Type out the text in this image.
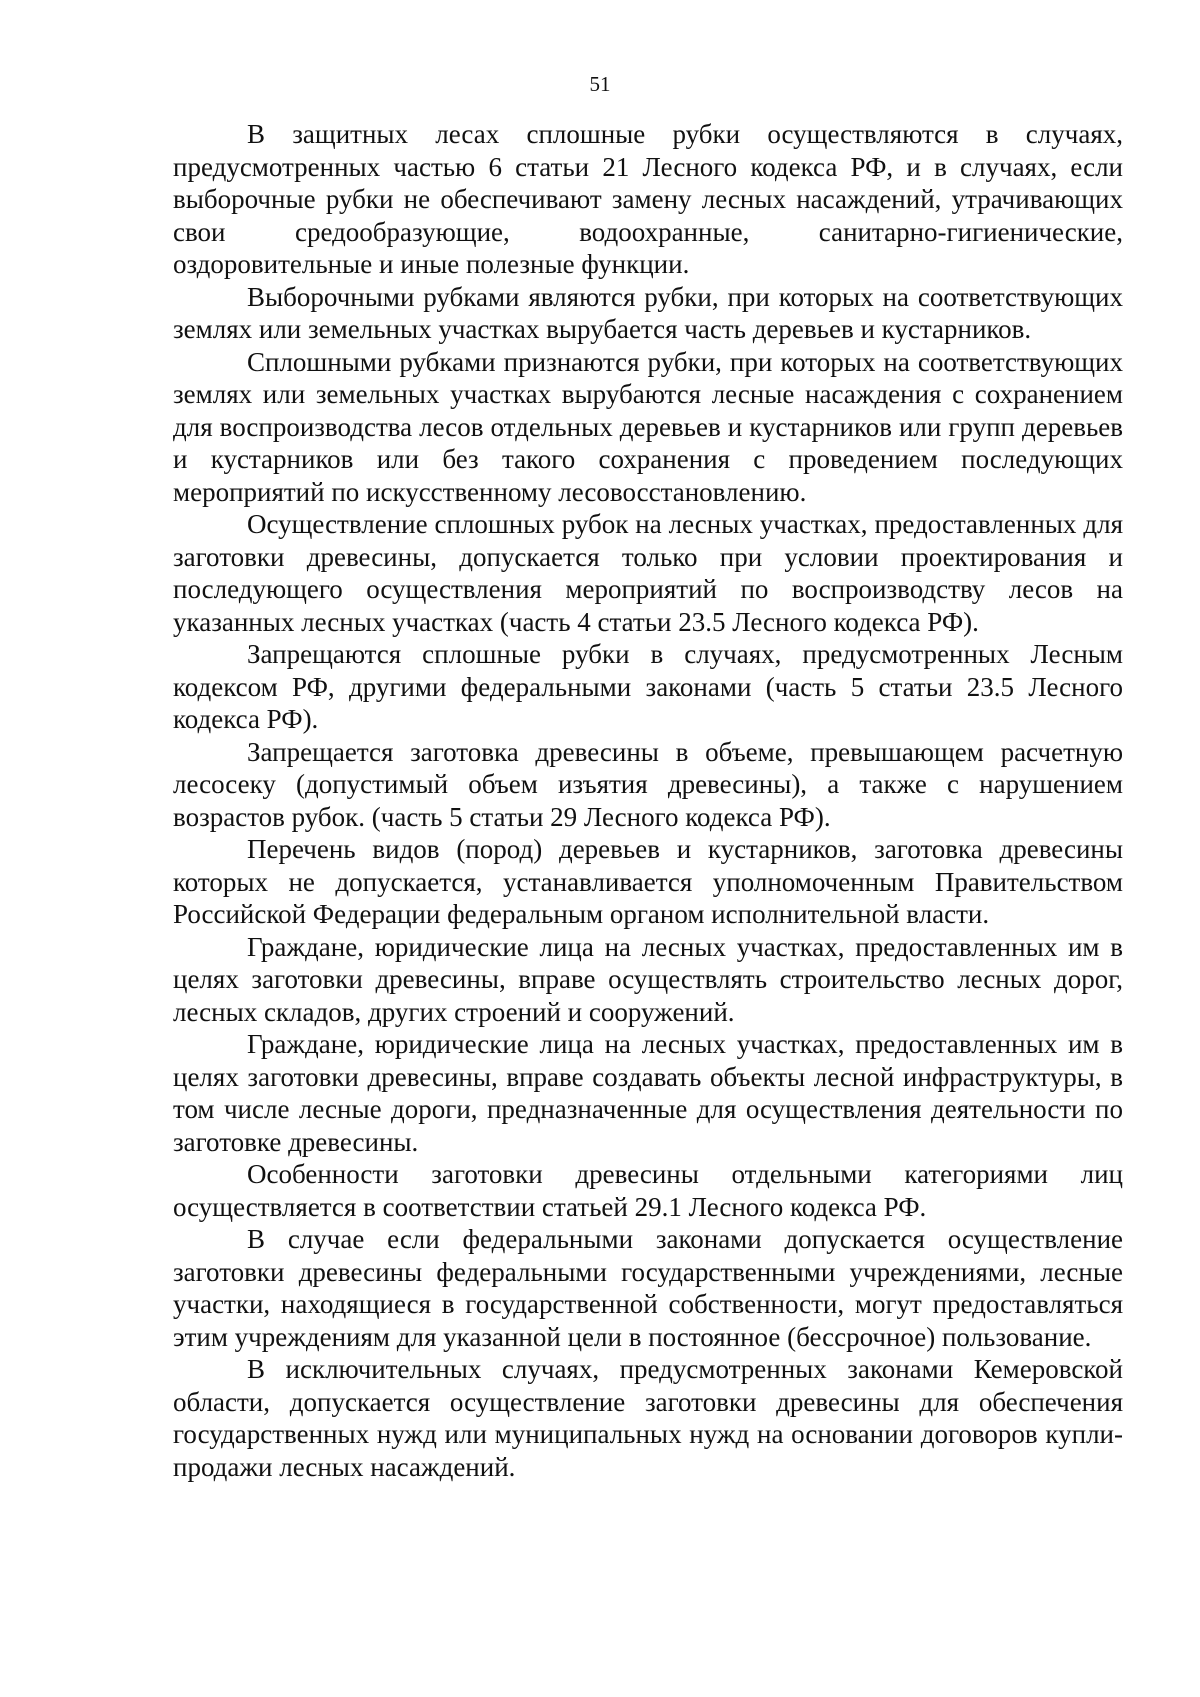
51

В защитных лесах сплошные рубки осуществляются в случаях, предусмотренных частью 6 статьи 21 Лесного кодекса РФ, и в случаях, если выборочные рубки не обеспечивают замену лесных насаждений, утрачивающих свои средообразующие, водоохранные, санитарно-гигиенические, оздоровительные и иные полезные функции.

Выборочными рубками являются рубки, при которых на соответствующих землях или земельных участках вырубается часть деревьев и кустарников.

Сплошными рубками признаются рубки, при которых на соответствующих землях или земельных участках вырубаются лесные насаждения с сохранением для воспроизводства лесов отдельных деревьев и кустарников или групп деревьев и кустарников или без такого сохранения с проведением последующих мероприятий по искусственному лесовосстановлению.

Осуществление сплошных рубок на лесных участках, предоставленных для заготовки древесины, допускается только при условии проектирования и последующего осуществления мероприятий по воспроизводству лесов на указанных лесных участках (часть 4 статьи 23.5 Лесного кодекса РФ).

Запрещаются сплошные рубки в случаях, предусмотренных Лесным кодексом РФ, другими федеральными законами (часть 5 статьи 23.5 Лесного кодекса РФ).

Запрещается заготовка древесины в объеме, превышающем расчетную лесосеку (допустимый объем изъятия древесины), а также с нарушением возрастов рубок. (часть 5 статьи 29 Лесного кодекса РФ).

Перечень видов (пород) деревьев и кустарников, заготовка древесины которых не допускается, устанавливается уполномоченным Правительством Российской Федерации федеральным органом исполнительной власти.

Граждане, юридические лица на лесных участках, предоставленных им в целях заготовки древесины, вправе осуществлять строительство лесных дорог, лесных складов, других строений и сооружений.

Граждане, юридические лица на лесных участках, предоставленных им в целях заготовки древесины, вправе создавать объекты лесной инфраструктуры, в том числе лесные дороги, предназначенные для осуществления деятельности по заготовке древесины.

Особенности заготовки древесины отдельными категориями лиц осуществляется в соответствии статьей 29.1 Лесного кодекса РФ.

В случае если федеральными законами допускается осуществление заготовки древесины федеральными государственными учреждениями, лесные участки, находящиеся в государственной собственности, могут предоставляться этим учреждениям для указанной цели в постоянное (бессрочное) пользование.

В исключительных случаях, предусмотренных законами Кемеровской области, допускается осуществление заготовки древесины для обеспечения государственных нужд или муниципальных нужд на основании договоров купли-продажи лесных насаждений.
